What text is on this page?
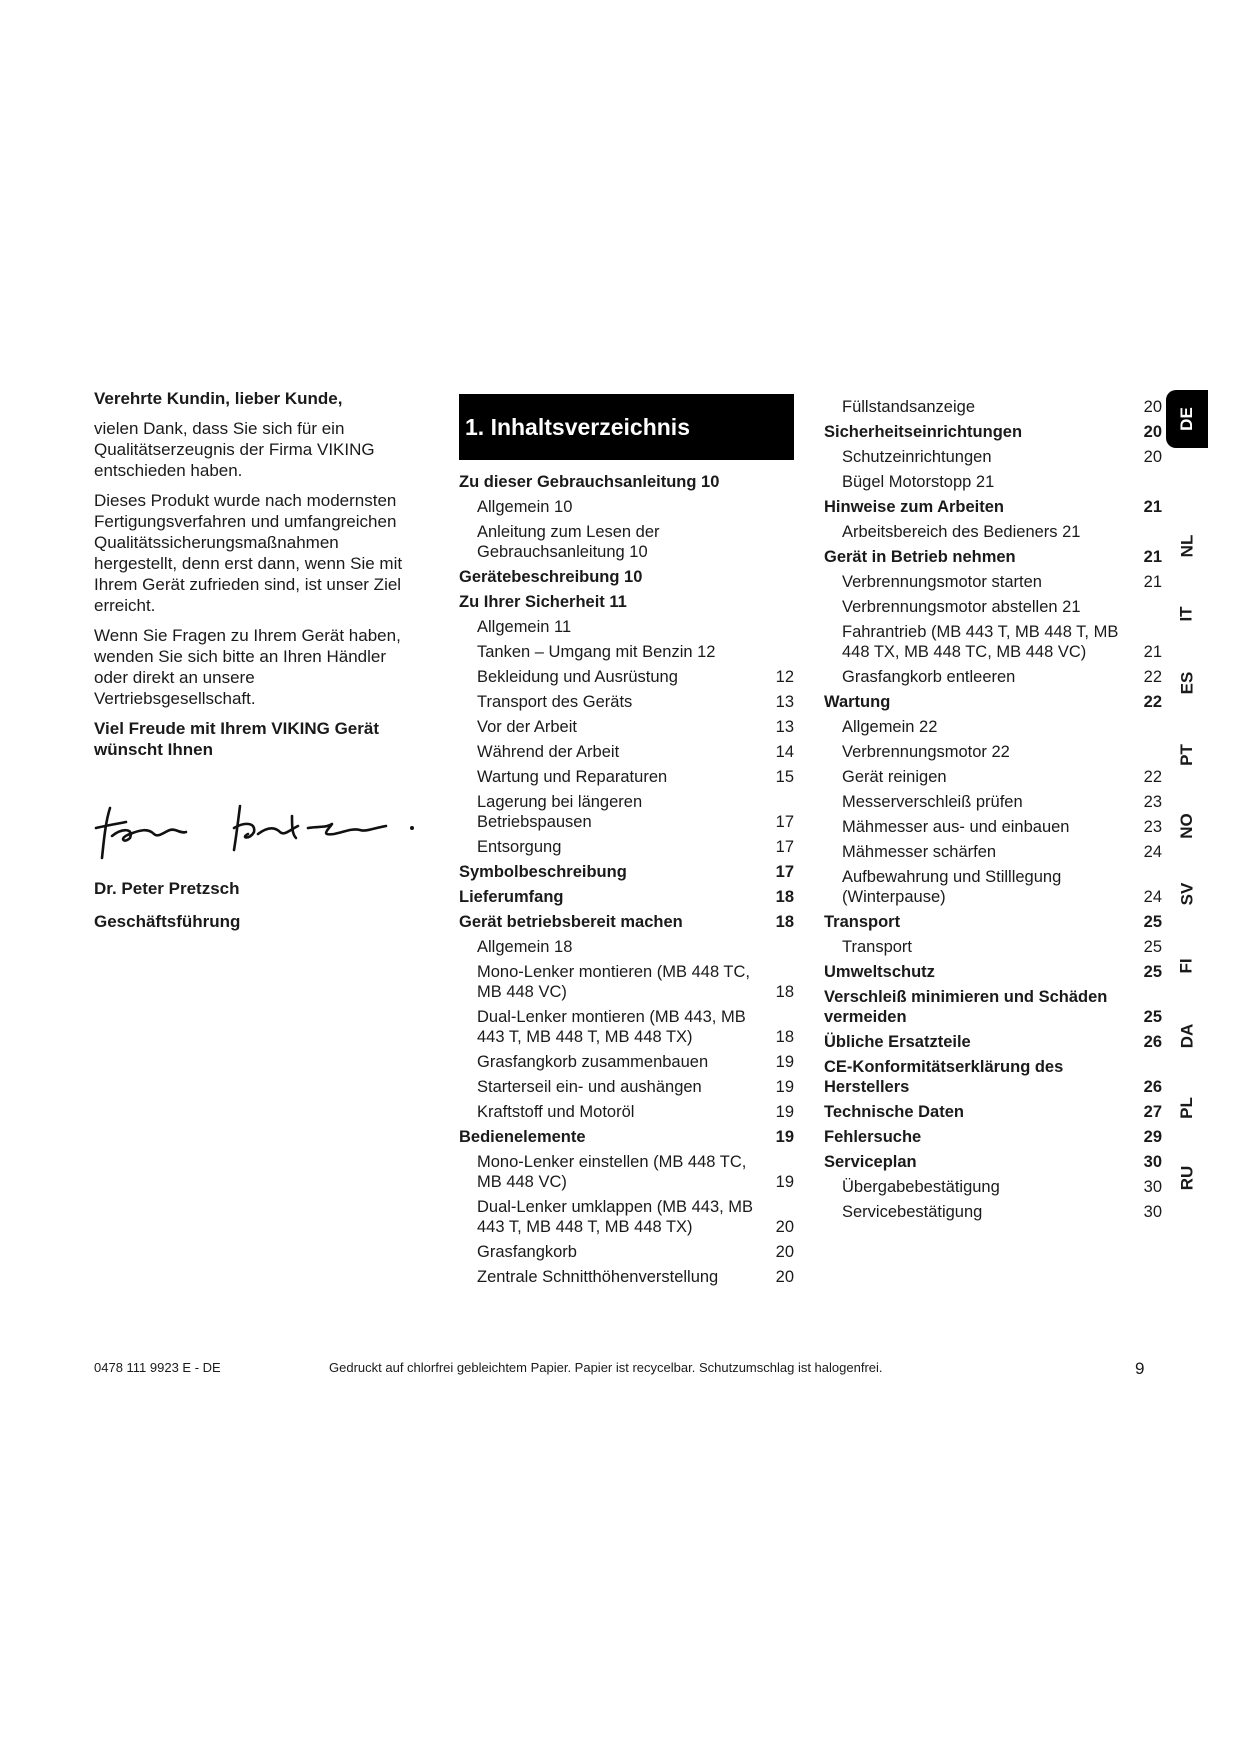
Verehrte Kundin, lieber Kunde,

vielen Dank, dass Sie sich für ein Qualitätserzeugnis der Firma VIKING entschieden haben.

Dieses Produkt wurde nach modernsten Fertigungsverfahren und umfangreichen Qualitätssicherungsmaßnahmen hergestellt, denn erst dann, wenn Sie mit Ihrem Gerät zufrieden sind, ist unser Ziel erreicht.

Wenn Sie Fragen zu Ihrem Gerät haben, wenden Sie sich bitte an Ihren Händler oder direkt an unsere Vertriebsgesellschaft.

Viel Freude mit Ihrem VIKING Gerät wünscht Ihnen

Dr. Peter Pretzsch
Geschäftsführung
1. Inhaltsverzeichnis
Zu dieser Gebrauchsanleitung 10
Allgemein 10
Anleitung zum Lesen der Gebrauchsanleitung 10
Gerätebeschreibung 10
Zu Ihrer Sicherheit 11
Allgemein 11
Tanken – Umgang mit Benzin 12
Bekleidung und Ausrüstung	12
Transport des Geräts	13
Vor der Arbeit	13
Während der Arbeit	14
Wartung und Reparaturen	15
Lagerung bei längeren Betriebspausen	17
Entsorgung	17
Symbolbeschreibung	17
Lieferumfang	18
Gerät betriebsbereit machen	18
Allgemein 18
Mono-Lenker montieren (MB 448 TC, MB 448 VC)	18
Dual-Lenker montieren (MB 443, MB 443 T, MB 448 T, MB 448 TX)	18
Grasfangkorb zusammenbauen	19
Starterseil ein- und aushängen	19
Kraftstoff und Motoröl	19
Bedienelemente	19
Mono-Lenker einstellen (MB 448 TC, MB 448 VC)	19
Dual-Lenker umklappen (MB 443, MB 443 T, MB 448 T, MB 448 TX)	20
Grasfangkorb	20
Zentrale Schnitthöhenverstellung	20
Füllstandsanzeige	20
Sicherheitseinrichtungen	20
Schutzeinrichtungen	20
Bügel Motorstopp 21
Hinweise zum Arbeiten	21
Arbeitsbereich des Bedieners 21
Gerät in Betrieb nehmen	21
Verbrennungsmotor starten	21
Verbrennungsmotor abstellen 21
Fahrantrieb (MB 443 T, MB 448 T, MB 448 TX, MB 448 TC, MB 448 VC)	21
Grasfangkorb entleeren	22
Wartung	22
Allgemein 22
Verbrennungsmotor 22
Gerät reinigen	22
Messerverschleiß prüfen	23
Mähmesser aus- und einbauen	23
Mähmesser schärfen	24
Aufbewahrung und Stilllegung (Winterpause)	24
Transport	25
Transport	25
Umweltschutz	25
Verschleiß minimieren und Schäden vermeiden	25
Übliche Ersatzteile	26
CE-Konformitätserklärung des Herstellers	26
Technische Daten	27
Fehlersuche	29
Serviceplan	30
Übergabebestätigung	30
Servicebestätigung	30
DE
NL
IT
ES
PT
NO
SV
FI
DA
PL
RU
0478 111 9923 E - DE	Gedruckt auf chlorfrei gebleichtem Papier. Papier ist recycelbar. Schutzumschlag ist halogenfrei.	9
